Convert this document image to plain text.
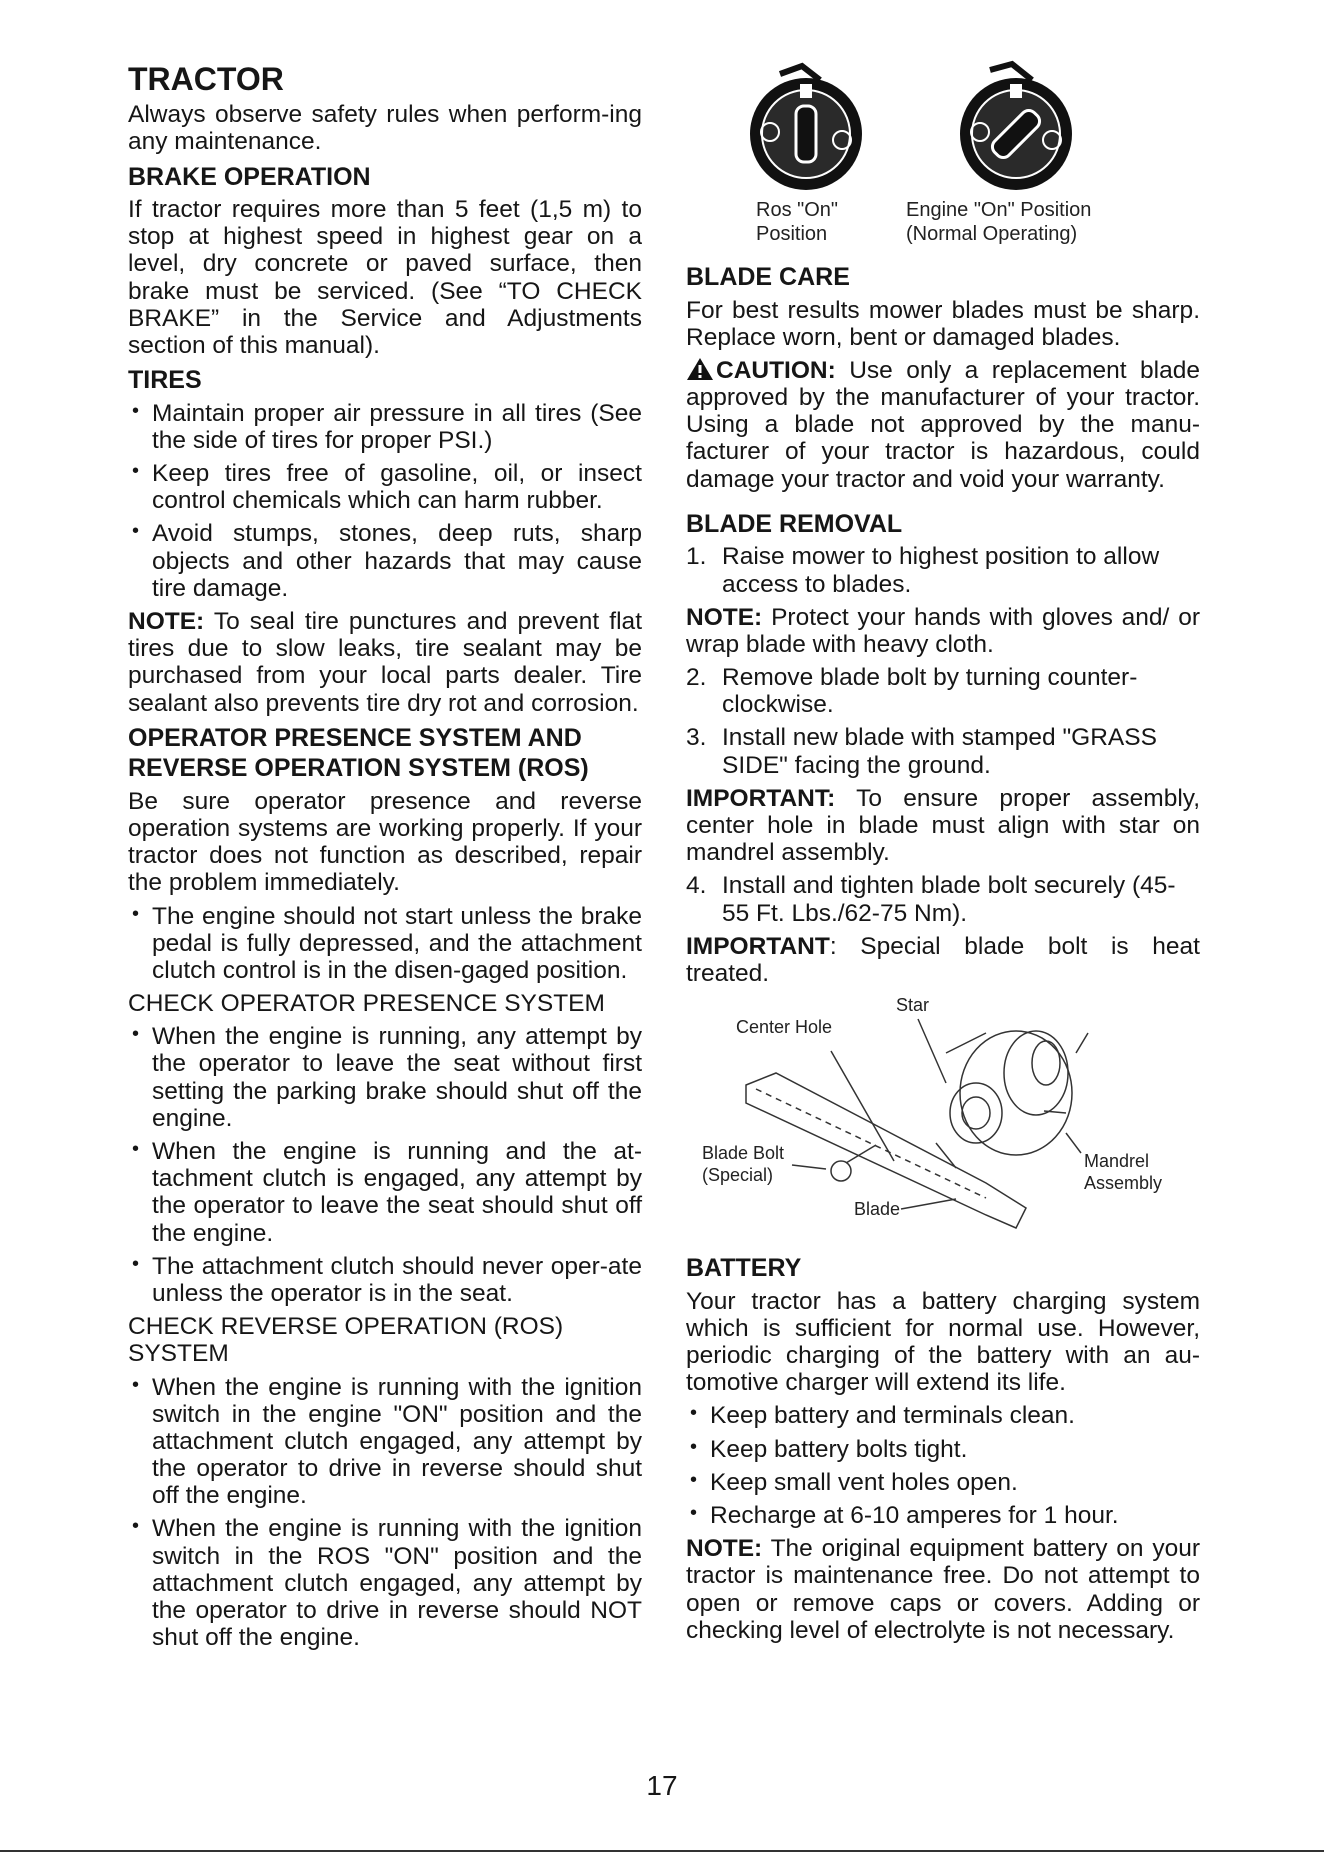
TRACTOR
Always observe safety rules when perform-ing any maintenance.
BRAKE OPERATION
If tractor requires more than 5 feet (1,5 m) to stop at highest speed in highest gear on a level, dry concrete or paved surface, then brake must be serviced. (See “TO CHECK BRAKE” in the Service and Adjustments section of this manual).
TIRES
• Maintain proper air pressure in all tires (See the side of tires for proper PSI.)
• Keep tires free of gasoline, oil, or insect control chemicals which can harm rubber.
• Avoid stumps, stones, deep ruts, sharp objects and other hazards that may cause tire damage.
NOTE: To seal tire punctures and prevent flat tires due to slow leaks, tire sealant may be purchased from your local parts dealer. Tire sealant also prevents tire dry rot and corrosion.
OPERATOR PRESENCE SYSTEM AND REVERSE OPERATION SYSTEM (ROS)
Be sure operator presence and reverse operation systems are working properly. If your tractor does not function as described, repair the problem immediately.
• The engine should not start unless the brake pedal is fully depressed, and the attachment clutch control is in the disen-gaged position.
CHECK OPERATOR PRESENCE SYSTEM
• When the engine is running, any attempt by the operator to leave the seat without first setting the parking brake should shut off the engine.
• When the engine is running and the at-tachment clutch is engaged, any attempt by the operator to leave the seat should shut off the engine.
• The attachment clutch should never oper-ate unless the operator is in the seat.
CHECK REVERSE OPERATION (ROS) SYSTEM
• When the engine is running with the ignition switch in the engine "ON" position and the attachment clutch engaged, any attempt by the operator to drive in reverse should shut off the engine.
• When the engine is running with the ignition switch in the ROS "ON" position and the attachment clutch engaged, any attempt by the operator to drive in reverse should NOT shut off the engine.
Ros "On"
Position
Engine "On" Position
(Normal Operating)
BLADE CARE
For best results mower blades must be sharp. Replace worn, bent or damaged blades.
CAUTION: Use only a replacement blade approved by the manufacturer of your tractor. Using a blade not approved by the manu-facturer of your tractor is hazardous, could damage your tractor and void your warranty.
BLADE REMOVAL
1. Raise mower to highest position to allow access to blades.
NOTE: Protect your hands with gloves and/ or wrap blade with heavy cloth.
2. Remove blade bolt by turning counter-clockwise.
3. Install new blade with stamped "GRASS SIDE" facing the ground.
IMPORTANT: To ensure proper assembly, center hole in blade must align with star on mandrel assembly.
4. Install and tighten blade bolt securely (45-55 Ft. Lbs./62-75 Nm).
IMPORTANT: Special blade bolt is heat treated.
Star
Center Hole
Blade Bolt
(Special)
Mandrel
Assembly
Blade
BATTERY
Your tractor has a battery charging system which is sufficient for normal use. However, periodic charging of the battery with an au-tomotive charger will extend its life.
• Keep battery and terminals clean.
• Keep battery bolts tight.
• Keep small vent holes open.
• Recharge at 6-10 amperes for 1 hour.
NOTE: The original equipment battery on your tractor is maintenance free. Do not attempt to open or remove caps or covers. Adding or checking level of electrolyte is not necessary.
17
